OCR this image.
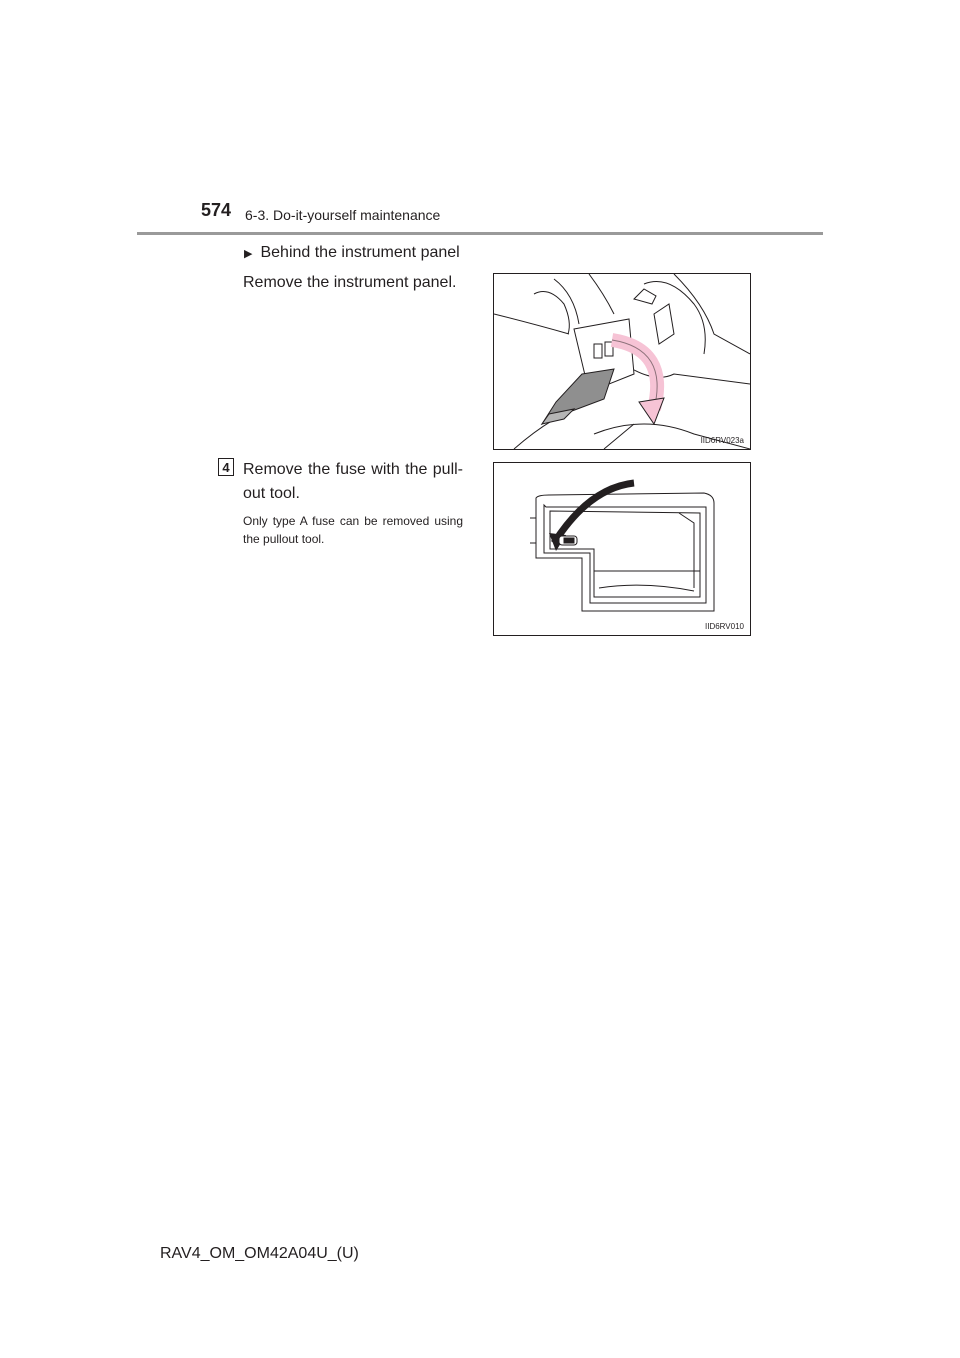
574 6-3. Do-it-yourself maintenance
▶ Behind the instrument panel
Remove the instrument panel.
IID6RV023a
4 Remove the fuse with the pull-out tool.
Only type A fuse can be removed using the pullout tool.
IID6RV010
RAV4_OM_OM42A04U_(U)
